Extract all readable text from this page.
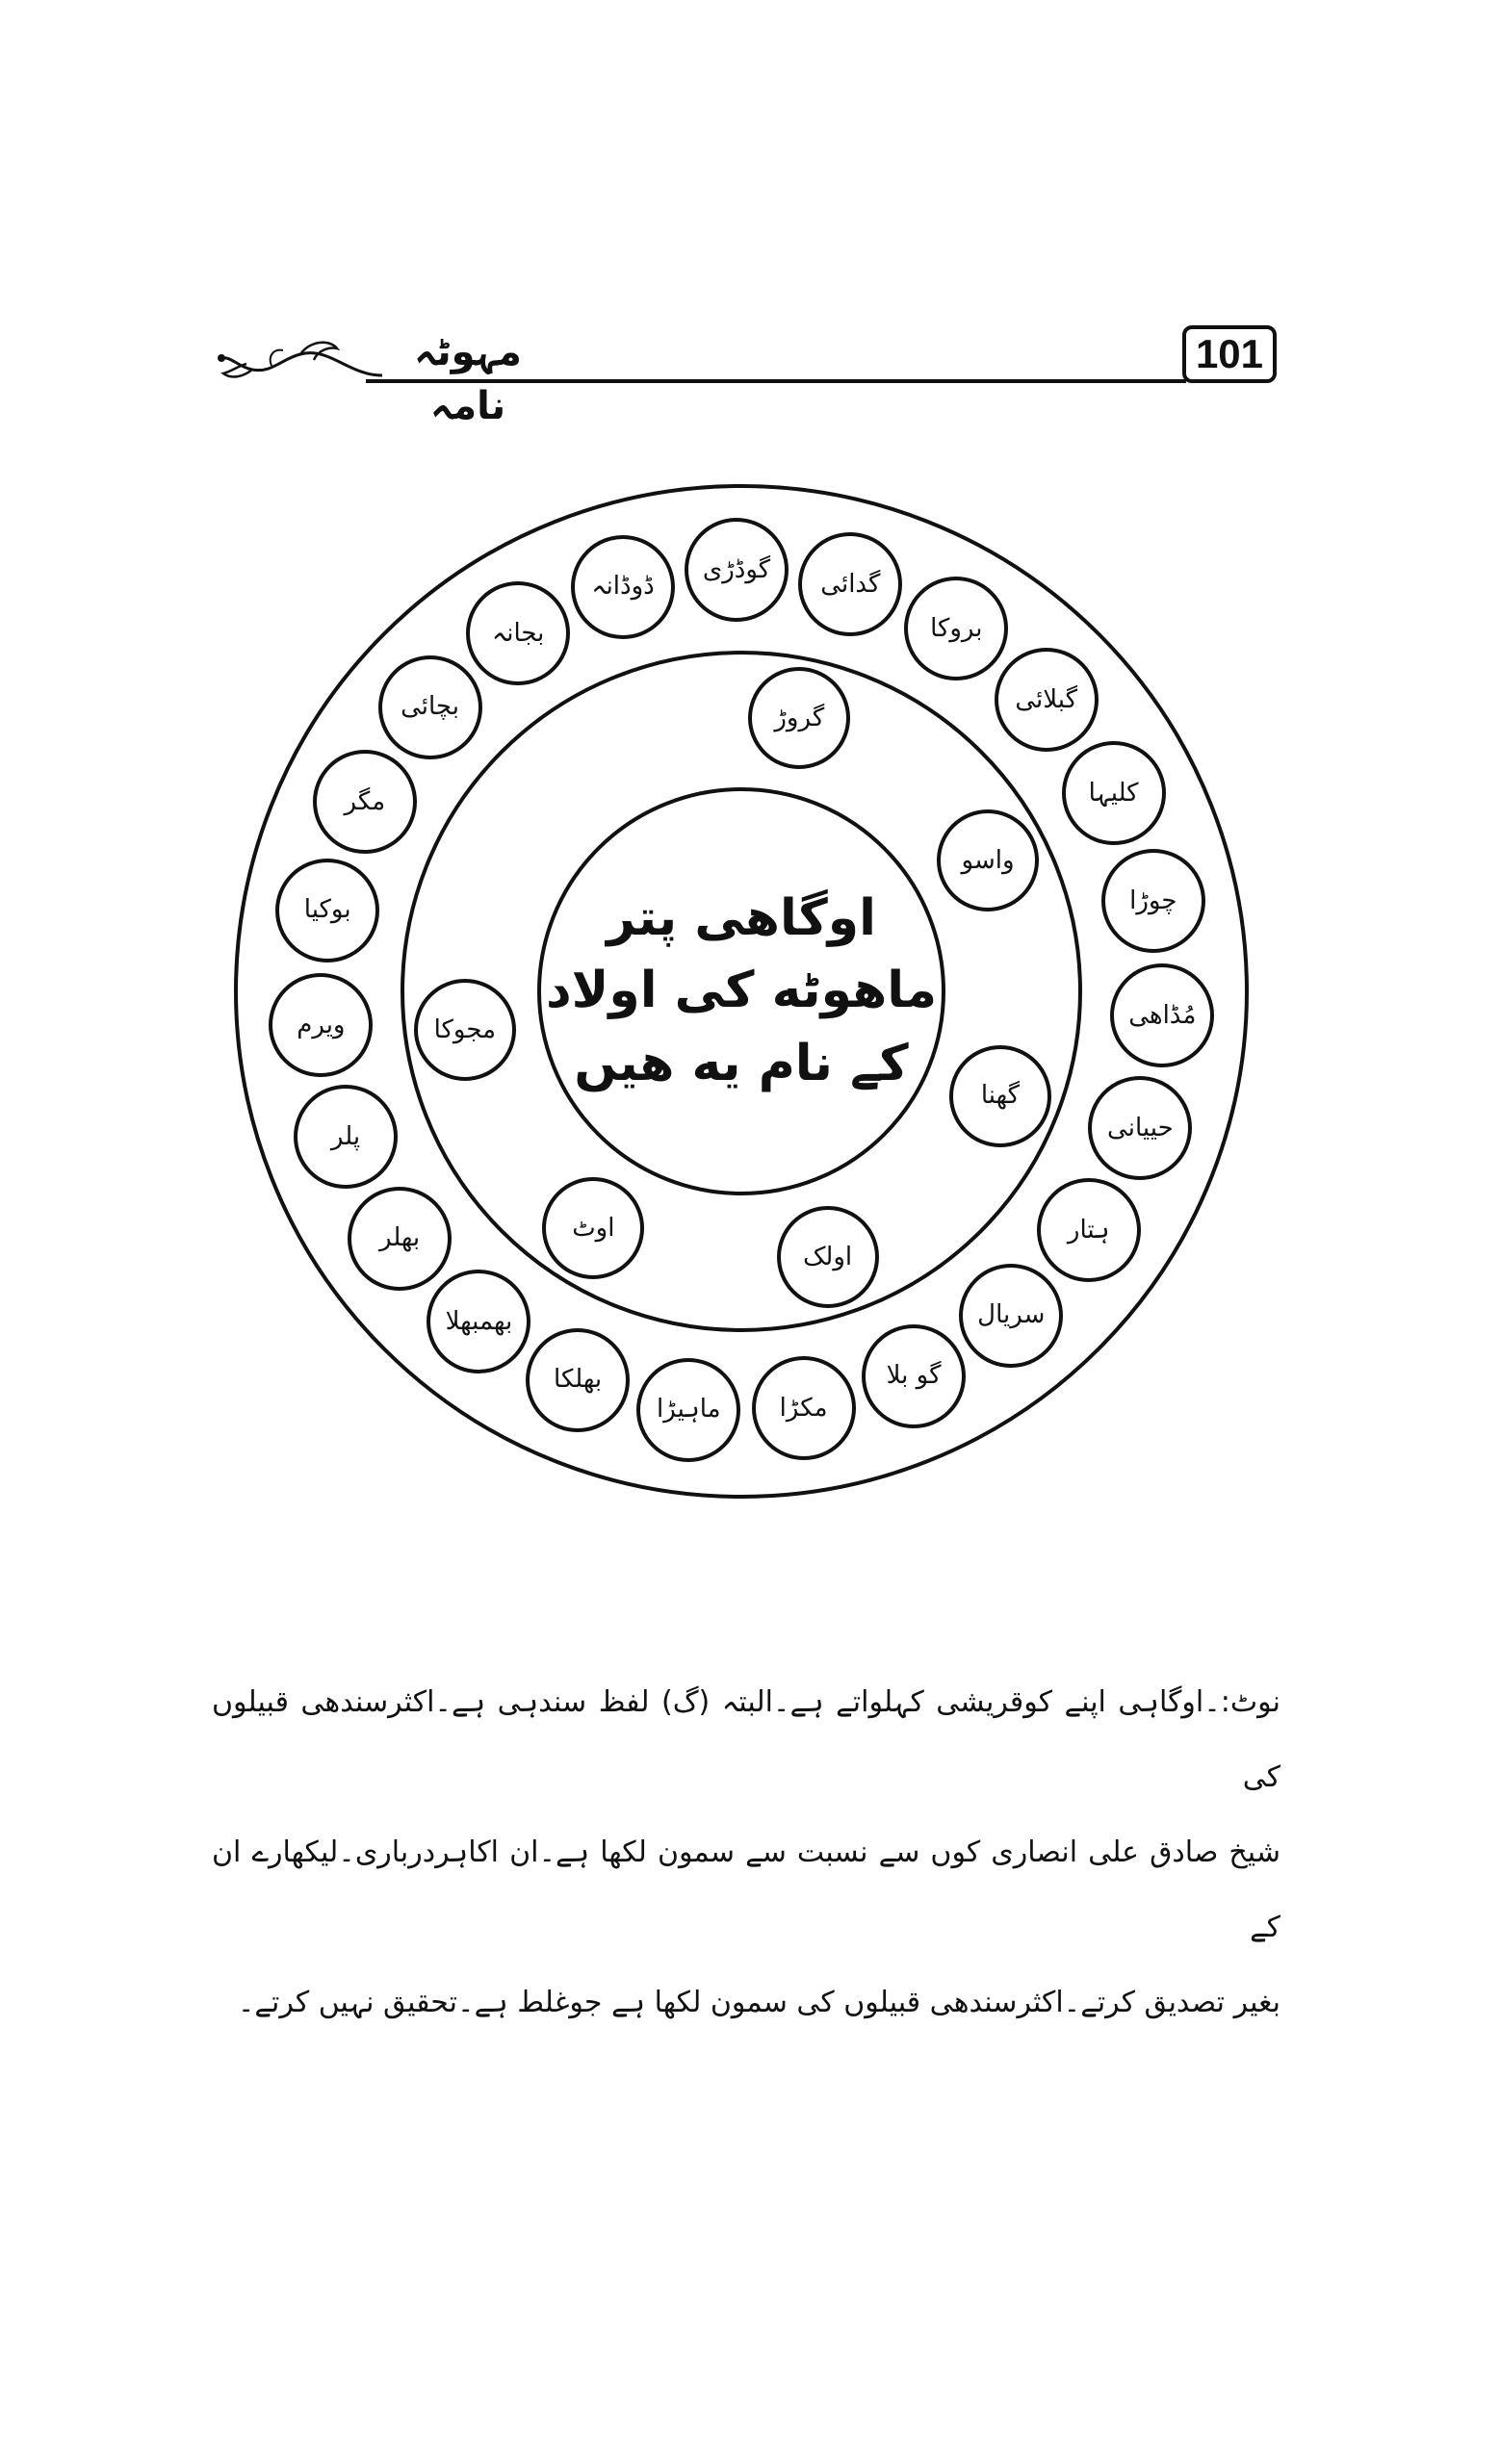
مہوٹہ نامہ
101
اوگاهی پتر
ماهوٹه کی اولاد
کے نام یه هیں
گدائی
بروکا
گبلائی
کلیہا
چوڑا
مُڈاھی
حییانی
ہتار
سریال
گو بلا
مکڑا
ماہیڑا
بھلکا
بھمبھلا
بھلر
پلر
ویرم
بوکیا
مگر
بچائی
بجانہ
ڈوڈانہ
گوڈڑی
گروڑ
واسو
گھنا
اولک
اوٹ
مجوکا

نوٹ:۔اوگاہی اپنے کوقریشی کہلواتے ہے۔البتہ (گ) لفظ سندہی ہے۔اکثرسندھی قبیلوں کی

شیخ صادق علی انصاری کوں سے نسبت سے سمون لکھا ہے۔ان اکاہردرباری۔لیکھارے ان کے

بغیر تصدیق کرتے۔اکثرسندھی قبیلوں کی سمون لکھا ہے جوغلط ہے۔تحقیق نہیں کرتے۔
